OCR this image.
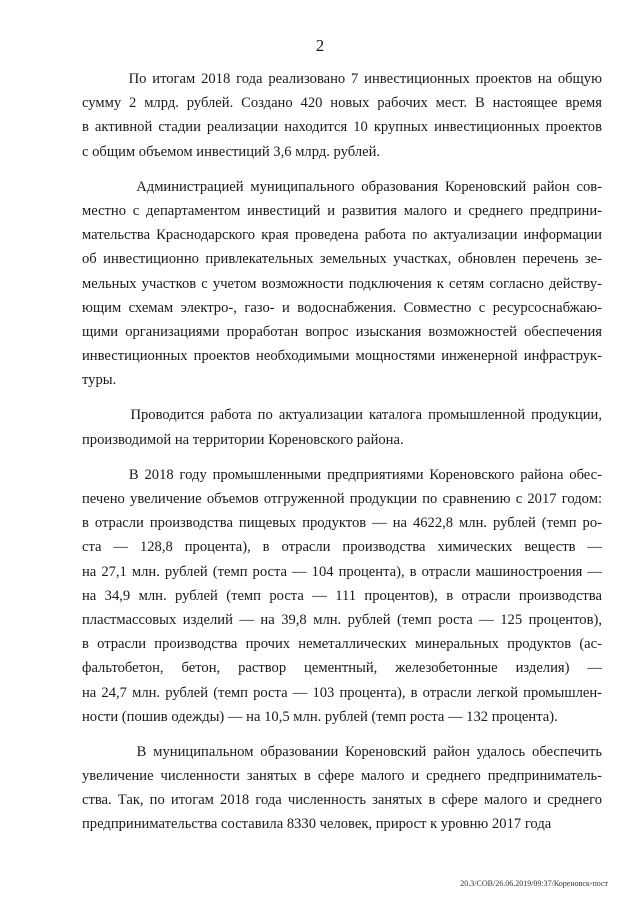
2
По итогам 2018 года реализовано 7 инвестиционных проектов на общую
сумму 2 млрд. рублей. Создано 420 новых рабочих мест. В настоящее время
в активной стадии реализации находится 10 крупных инвестиционных проектов
с общим объемом инвестиций 3,6 млрд. рублей.
Администрацией муниципального образования Кореновский район сов-
местно с департаментом инвестиций и развития малого и среднего предприни-
мательства Краснодарского края проведена работа по актуализации информации
об инвестиционно привлекательных земельных участках, обновлен перечень зе-
мельных участков с учетом возможности подключения к сетям согласно действу-
ющим схемам электро-, газо- и водоснабжения. Совместно с ресурсоснабжаю-
щими организациями проработан вопрос изыскания возможностей обеспечения
инвестиционных проектов необходимыми мощностями инженерной инфраструк-
туры.
Проводится работа по актуализации каталога промышленной продукции,
производимой на территории Кореновского района.
В 2018 году промышленными предприятиями Кореновского района обес-
печено увеличение объемов отгруженной продукции по сравнению с 2017 годом:
в отрасли производства пищевых продуктов — на 4622,8 млн. рублей (темп ро-
ста — 128,8 процента), в отрасли производства химических веществ —
на 27,1 млн. рублей (темп роста — 104 процента), в отрасли машиностроения —
на 34,9 млн. рублей (темп роста — 111 процентов), в отрасли производства
пластмассовых изделий — на 39,8 млн. рублей (темп роста — 125 процентов),
в отрасли производства прочих неметаллических минеральных продуктов (ас-
фальтобетон, бетон, раствор цементный, железобетонные изделия) —
на 24,7 млн. рублей (темп роста — 103 процента), в отрасли легкой промышлен-
ности (пошив одежды) — на 10,5 млн. рублей (темп роста — 132 процента).
В муниципальном образовании Кореновский район удалось обеспечить
увеличение численности занятых в сфере малого и среднего предприниматель-
ства. Так, по итогам 2018 года численность занятых в сфере малого и среднего
предпринимательства составила 8330 человек, прирост к уровню 2017 года
20.3/СОВ/26.06.2019/09:37/Кореновск-пост
